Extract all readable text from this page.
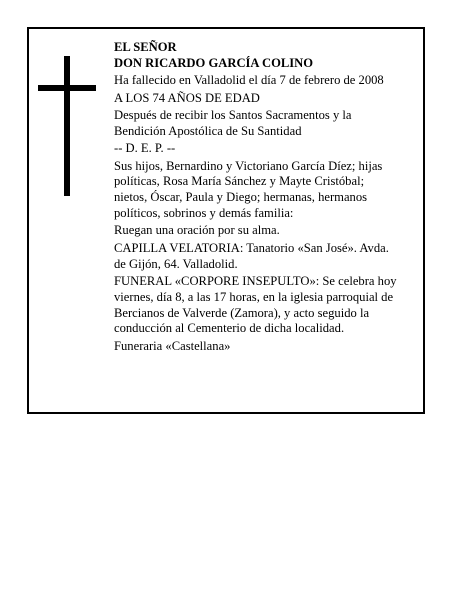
EL SEÑOR
DON RICARDO GARCÍA COLINO
Ha fallecido en Valladolid el día 7 de febrero de 2008
A LOS 74 AÑOS DE EDAD
Después de recibir los Santos Sacramentos y la
Bendición Apostólica de Su Santidad
-- D. E. P. --
Sus hijos, Bernardino y Victoriano García Díez; hijas
políticas, Rosa María Sánchez y Mayte Cristóbal;
nietos, Óscar, Paula y Diego; hermanas, hermanos
políticos, sobrinos y demás familia:
Ruegan una oración por su alma.
CAPILLA VELATORIA: Tanatorio «San José». Avda.
de Gijón, 64. Valladolid.
FUNERAL «CORPORE INSEPULTO»: Se celebra hoy
viernes, día 8, a las 17 horas, en la iglesia parroquial de
Bercianos de Valverde (Zamora), y acto seguido la
conducción al Cementerio de dicha localidad.
Funeraria «Castellana»
